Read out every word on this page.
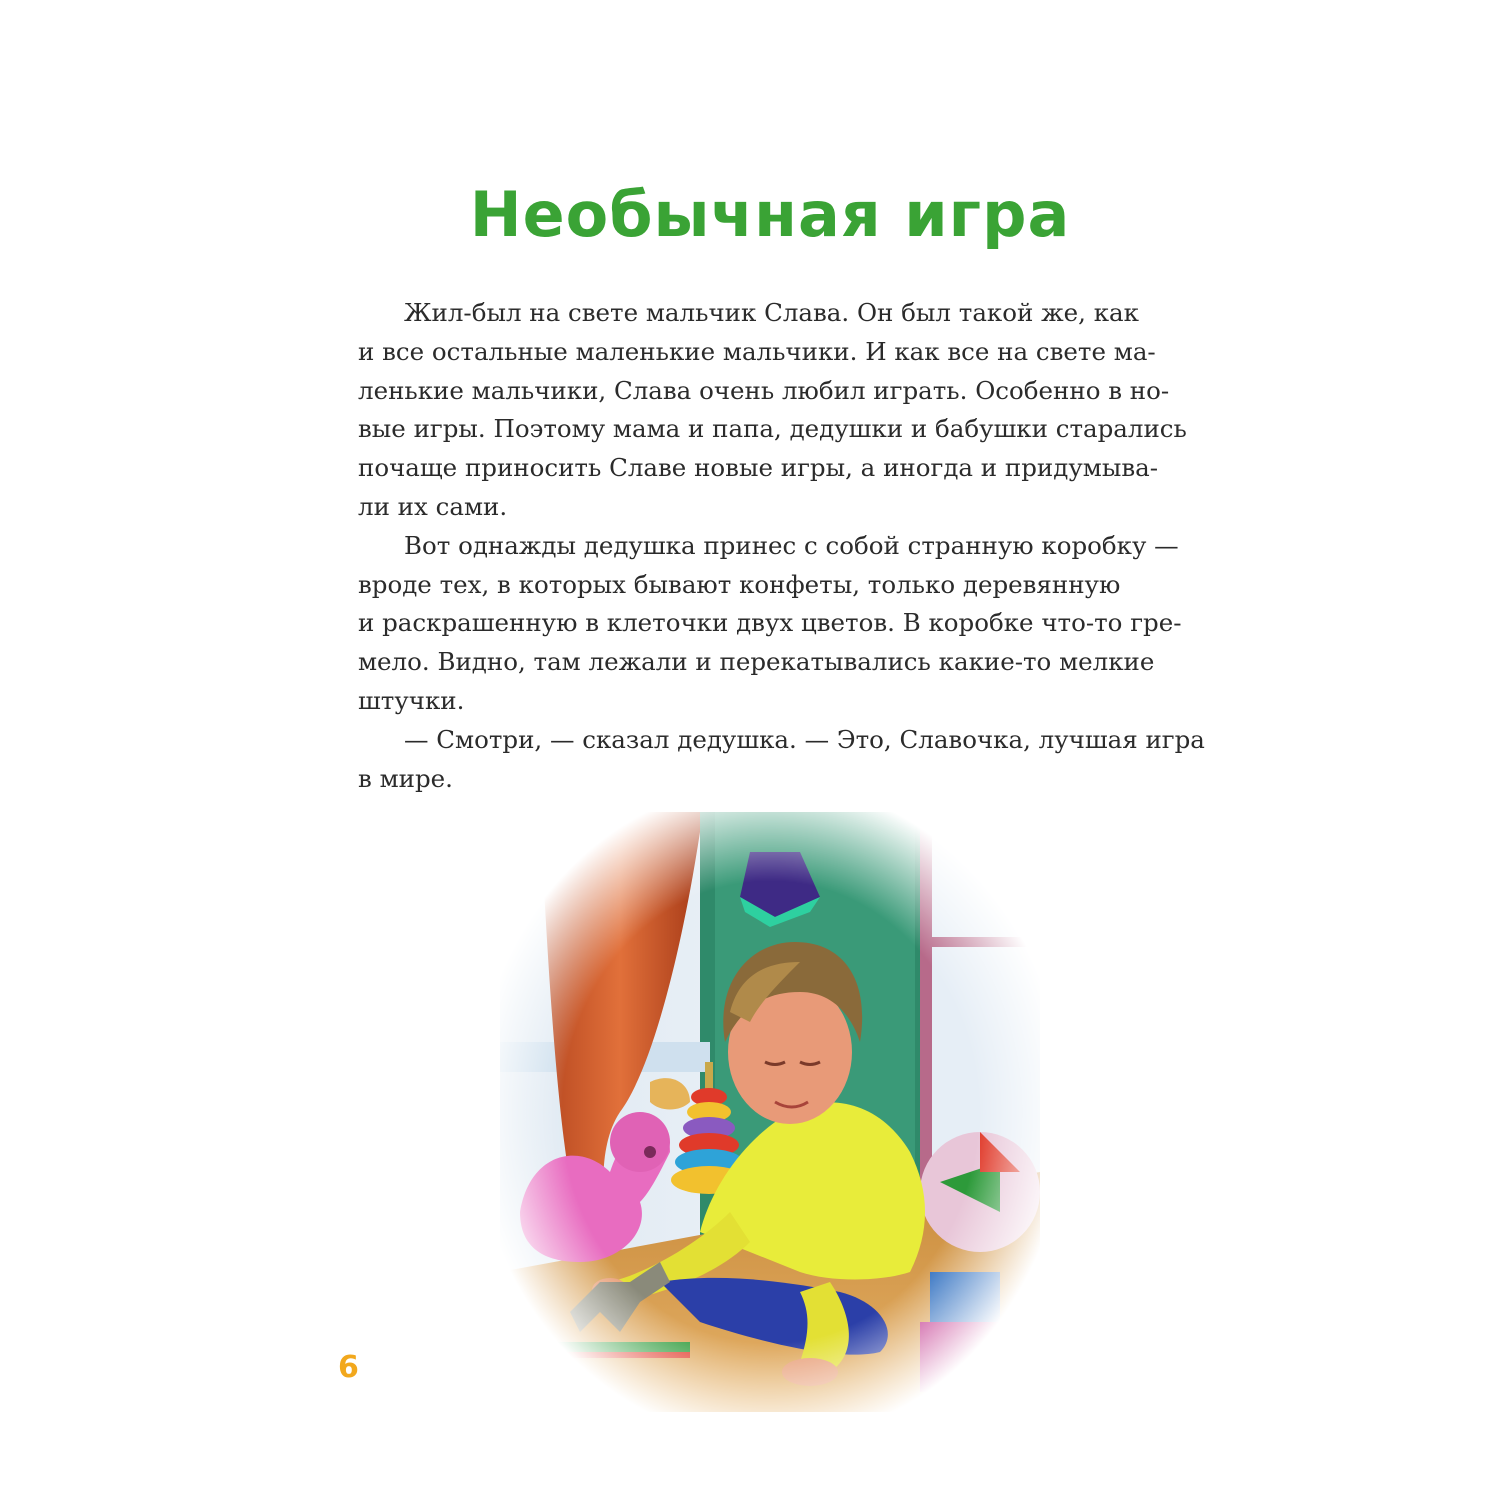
Необычная игра
Жил-был на свете мальчик Слава. Он был такой же, как
и все остальные маленькие мальчики. И как все на свете ма-
ленькие мальчики, Слава очень любил играть. Особенно в но-
вые игры. Поэтому мама и папа, дедушки и бабушки старались
почаще приносить Славе новые игры, а иногда и придумыва-
ли их сами.
Вот однажды дедушка принес с собой странную коробку —
вроде тех, в которых бывают конфеты, только деревянную
и раскрашенную в клеточки двух цветов. В коробке что-то гре-
мело. Видно, там лежали и перекатывались какие-то мелкие
штучки.
— Смотри, — сказал дедушка. — Это, Славочка, лучшая игра
в мире.
6
